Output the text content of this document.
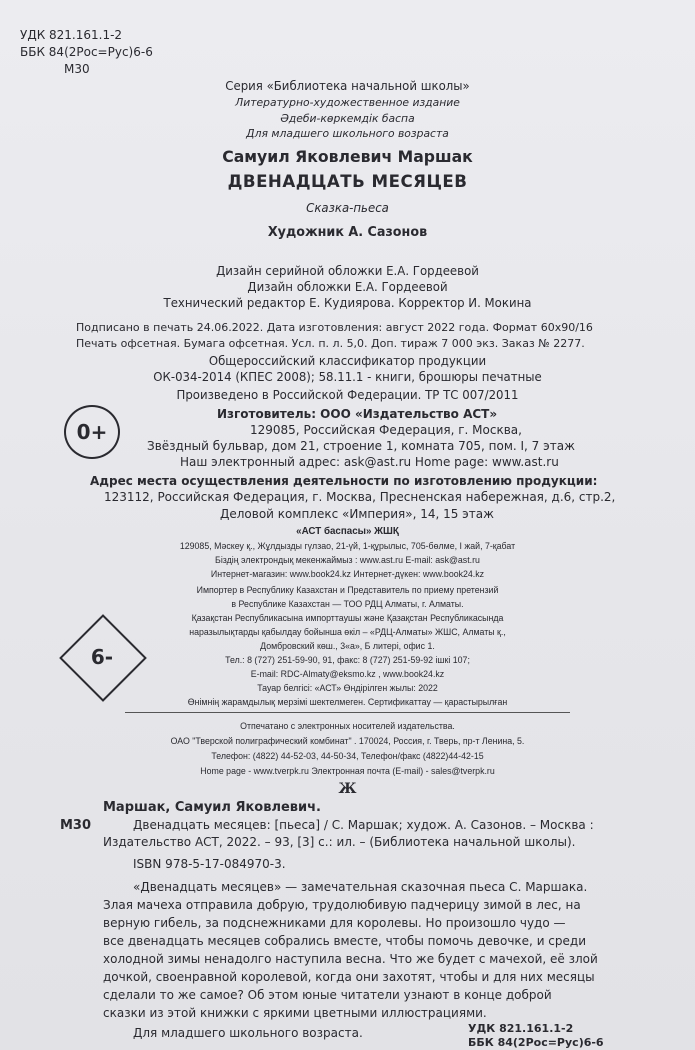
УДК 821.161.1-2
ББК 84(2Рос=Рус)6-6
М30
Серия «Библиотека начальной школы»
Литературно-художественное издание
Әдеби-көркемдік баспа
Для младшего школьного возраста
Самуил Яковлевич Маршак
ДВЕНАДЦАТЬ МЕСЯЦЕВ
Сказка-пьеса
Художник А. Сазонов
Дизайн серийной обложки Е.А. Гордеевой
Дизайн обложки Е.А. Гордеевой
Технический редактор Е. Кудиярова. Корректор И. Мокина
Подписано в печать 24.06.2022. Дата изготовления: август 2022 года. Формат 60х90/16
Печать офсетная. Бумага офсетная. Усл. п. л. 5,0. Доп. тираж 7 000 экз. Заказ № 2277.
Общероссийский классификатор продукции
ОК-034-2014 (КПЕС 2008); 58.11.1 - книги, брошюры печатные
Произведено в Российской Федерации. ТР ТС 007/2011
0+
Изготовитель: ООО «Издательство АСТ»
129085, Российская Федерация, г. Москва,
Звёздный бульвар, дом 21, строение 1, комната 705, пом. I, 7 этаж
Наш электронный адрес: ask@ast.ru Home page: www.ast.ru
Адрес места осуществления деятельности по изготовлению продукции:
123112, Российская Федерация, г. Москва, Пресненская набережная, д.6, стр.2,
Деловой комплекс «Империя», 14, 15 этаж
«АСТ баспасы» ЖШҚ
129085, Мәскеу қ., Жұлдызды гүлзао, 21-үй, 1-құрылыс, 705-бөлме, I жай, 7-қабат
Біздің электрондық мекенжаймыз : www.ast.ru E-mail: ask@ast.ru
Интернет-магазин: www.book24.kz Интернет-дүкен: www.book24.kz
Импортер в Республику Казахстан и Представитель по приему претензий
в Республике Казахстан — ТОО РДЦ Алматы, г. Алматы.
Қазақстан Республикасына импорттаушы және Қазақстан Республикасында
наразылықтарды қабылдау бойынша өкіл – «РДЦ-Алматы» ЖШС, Алматы қ.,
Домбровский көш., 3«а», Б литері, офис 1.
Тел.: 8 (727) 251-59-90, 91, факс: 8 (727) 251-59-92 ішкі 107;
E-mail: RDC-Almaty@eksmo.kz , www.book24.kz
Тауар белгісі: «АСТ» Өндірілген жылы: 2022
Өнімнің жарамдылық мерзімі шектелмеген. Сертификаттау — қарастырылған
6-
Отпечатано с электронных носителей издательства.
ОАО "Тверской полиграфический комбинат" . 170024, Россия, г. Тверь, пр-т Ленина, 5.
Телефон: (4822) 44-52-03, 44-50-34, Телефон/факс (4822)44-42-15
Home page - www.tverpk.ru Электронная почта (E-mail) - sales@tverpk.ru
Ж
Маршак, Самуил Яковлевич.
М30	Двенадцать месяцев: [пьеса] / С. Маршак; худож. А. Сазонов. – Москва :
Издательство АСТ, 2022. – 93, [3] с.: ил. – (Библиотека начальной школы).
ISBN 978-5-17-084970-3.
«Двенадцать месяцев» — замечательная сказочная пьеса С. Маршака.
Злая мачеха отправила добрую, трудолюбивую падчерицу зимой в лес, на
верную гибель, за подснежниками для королевы. Но произошло чудо —
все двенадцать месяцев собрались вместе, чтобы помочь девочке, и среди
холодной зимы ненадолго наступила весна. Что же будет с мачехой, её злой
дочкой, своенравной королевой, когда они захотят, чтобы и для них месяцы
сделали то же самое? Об этом юные читатели узнают в конце доброй
сказки из этой книжки с яркими цветными иллюстрациями.
Для младшего школьного возраста.	УДК 821.161.1-2
ББК 84(2Рос=Рус)6-6
